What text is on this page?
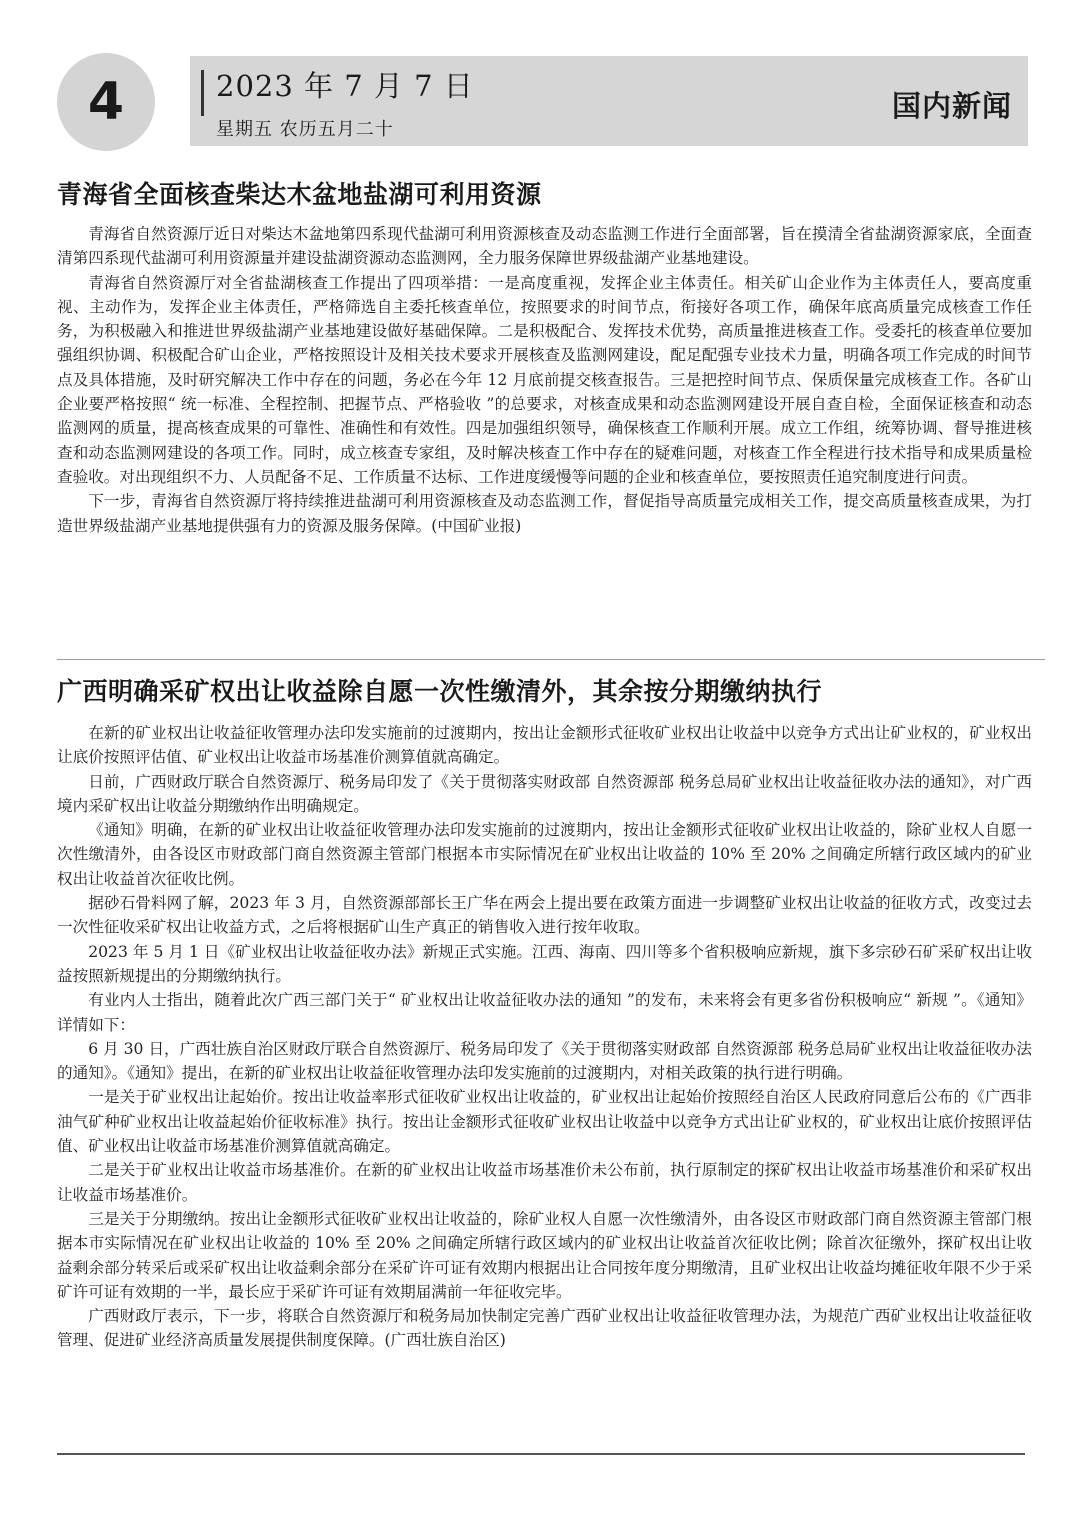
4	2023 年 7 月 7 日
星期五 农历五月二十
国内新闻
青海省全面核查柴达木盆地盐湖可利用资源

青海省自然资源厅近日对柴达木盆地第四系现代盐湖可利用资源核查及动态监测工作进行全面部署，旨在摸清全省盐湖资源家底，全面查清第四系现代盐湖可利用资源量并建设盐湖资源动态监测网，全力服务保障世界级盐湖产业基地建设。

青海省自然资源厅对全省盐湖核查工作提出了四项举措：一是高度重视，发挥企业主体责任。相关矿山企业作为主体责任人，要高度重视、主动作为，发挥企业主体责任，严格筛选自主委托核查单位，按照要求的时间节点，衔接好各项工作，确保年底高质量完成核查工作任务，为积极融入和推进世界级盐湖产业基地建设做好基础保障。二是积极配合、发挥技术优势，高质量推进核查工作。受委托的核查单位要加强组织协调、积极配合矿山企业，严格按照设计及相关技术要求开展核查及监测网建设，配足配强专业技术力量，明确各项工作完成的时间节点及具体措施，及时研究解决工作中存在的问题，务必在今年 12 月底前提交核查报告。三是把控时间节点、保质保量完成核查工作。各矿山企业要严格按照“ 统一标准、全程控制、把握节点、严格验收 ”的总要求，对核查成果和动态监测网建设开展自查自检，全面保证核查和动态监测网的质量，提高核查成果的可靠性、准确性和有效性。四是加强组织领导，确保核查工作顺利开展。成立工作组，统筹协调、督导推进核查和动态监测网建设的各项工作。同时，成立核查专家组，及时解决核查工作中存在的疑难问题，对核查工作全程进行技术指导和成果质量检查验收。对出现组织不力、人员配备不足、工作质量不达标、工作进度缓慢等问题的企业和核查单位，要按照责任追究制度进行问责。

下一步，青海省自然资源厅将持续推进盐湖可利用资源核查及动态监测工作，督促指导高质量完成相关工作，提交高质量核查成果，为打造世界级盐湖产业基地提供强有力的资源及服务保障。(中国矿业报)

广西明确采矿权出让收益除自愿一次性缴清外，其余按分期缴纳执行

在新的矿业权出让收益征收管理办法印发实施前的过渡期内，按出让金额形式征收矿业权出让收益中以竞争方式出让矿业权的，矿业权出让底价按照评估值、矿业权出让收益市场基准价测算值就高确定。

日前，广西财政厅联合自然资源厅、税务局印发了《关于贯彻落实财政部 自然资源部 税务总局矿业权出让收益征收办法的通知》，对广西境内采矿权出让收益分期缴纳作出明确规定。

《通知》明确，在新的矿业权出让收益征收管理办法印发实施前的过渡期内，按出让金额形式征收矿业权出让收益的，除矿业权人自愿一次性缴清外，由各设区市财政部门商自然资源主管部门根据本市实际情况在矿业权出让收益的 10% 至 20% 之间确定所辖行政区域内的矿业权出让收益首次征收比例。

据砂石骨料网了解，2023 年 3 月，自然资源部部长王广华在两会上提出要在政策方面进一步调整矿业权出让收益的征收方式，改变过去一次性征收采矿权出让收益方式，之后将根据矿山生产真正的销售收入进行按年收取。

2023 年 5 月 1 日《矿业权出让收益征收办法》新规正式实施。江西、海南、四川等多个省积极响应新规，旗下多宗砂石矿采矿权出让收益按照新规提出的分期缴纳执行。

有业内人士指出，随着此次广西三部门关于“ 矿业权出让收益征收办法的通知 ”的发布，未来将会有更多省份积极响应“ 新规 ”。《通知》详情如下：

6 月 30 日，广西壮族自治区财政厅联合自然资源厅、税务局印发了《关于贯彻落实财政部 自然资源部 税务总局矿业权出让收益征收办法的通知》。《通知》提出，在新的矿业权出让收益征收管理办法印发实施前的过渡期内，对相关政策的执行进行明确。

一是关于矿业权出让起始价。按出让收益率形式征收矿业权出让收益的，矿业权出让起始价按照经自治区人民政府同意后公布的《广西非油气矿种矿业权出让收益起始价征收标准》执行。按出让金额形式征收矿业权出让收益中以竞争方式出让矿业权的，矿业权出让底价按照评估值、矿业权出让收益市场基准价测算值就高确定。

二是关于矿业权出让收益市场基准价。在新的矿业权出让收益市场基准价未公布前，执行原制定的探矿权出让收益市场基准价和采矿权出让收益市场基准价。

三是关于分期缴纳。按出让金额形式征收矿业权出让收益的，除矿业权人自愿一次性缴清外，由各设区市财政部门商自然资源主管部门根据本市实际情况在矿业权出让收益的 10% 至 20% 之间确定所辖行政区域内的矿业权出让收益首次征收比例；除首次征缴外，探矿权出让收益剩余部分转采后或采矿权出让收益剩余部分在采矿许可证有效期内根据出让合同按年度分期缴清，且矿业权出让收益均摊征收年限不少于采矿许可证有效期的一半，最长应于采矿许可证有效期届满前一年征收完毕。

广西财政厅表示，下一步，将联合自然资源厅和税务局加快制定完善广西矿业权出让收益征收管理办法，为规范广西矿业权出让收益征收管理、促进矿业经济高质量发展提供制度保障。(广西壮族自治区)
